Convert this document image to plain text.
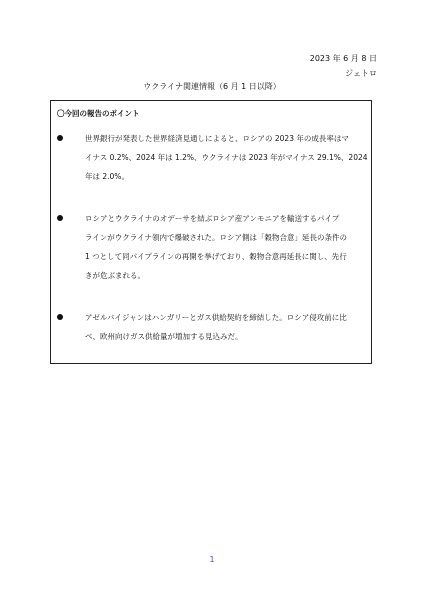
2023 年 6 月 8 日
ジェトロ
ウクライナ関連情報（6 月 1 日以降）
〇今回の報告のポイント
世界銀行が発表した世界経済見通しによると、ロシアの 2023 年の成長率はマ
イナス 0.2%、2024 年は 1.2%、ウクライナは 2023 年がマイナス 29.1%、2024
年は 2.0%。
ロシアとウクライナのオデーサを結ぶロシア産アンモニアを輸送するパイプ
ラインがウクライナ領内で爆破された。ロシア側は「穀物合意」延長の条件の
1 つとして同パイプラインの再開を挙げており、穀物合意再延長に関し、先行
きが危ぶまれる。
アゼルバイジャンはハンガリーとガス供給契約を締結した。ロシア侵攻前に比
べ、欧州向けガス供給量が増加する見込みだ。
1
